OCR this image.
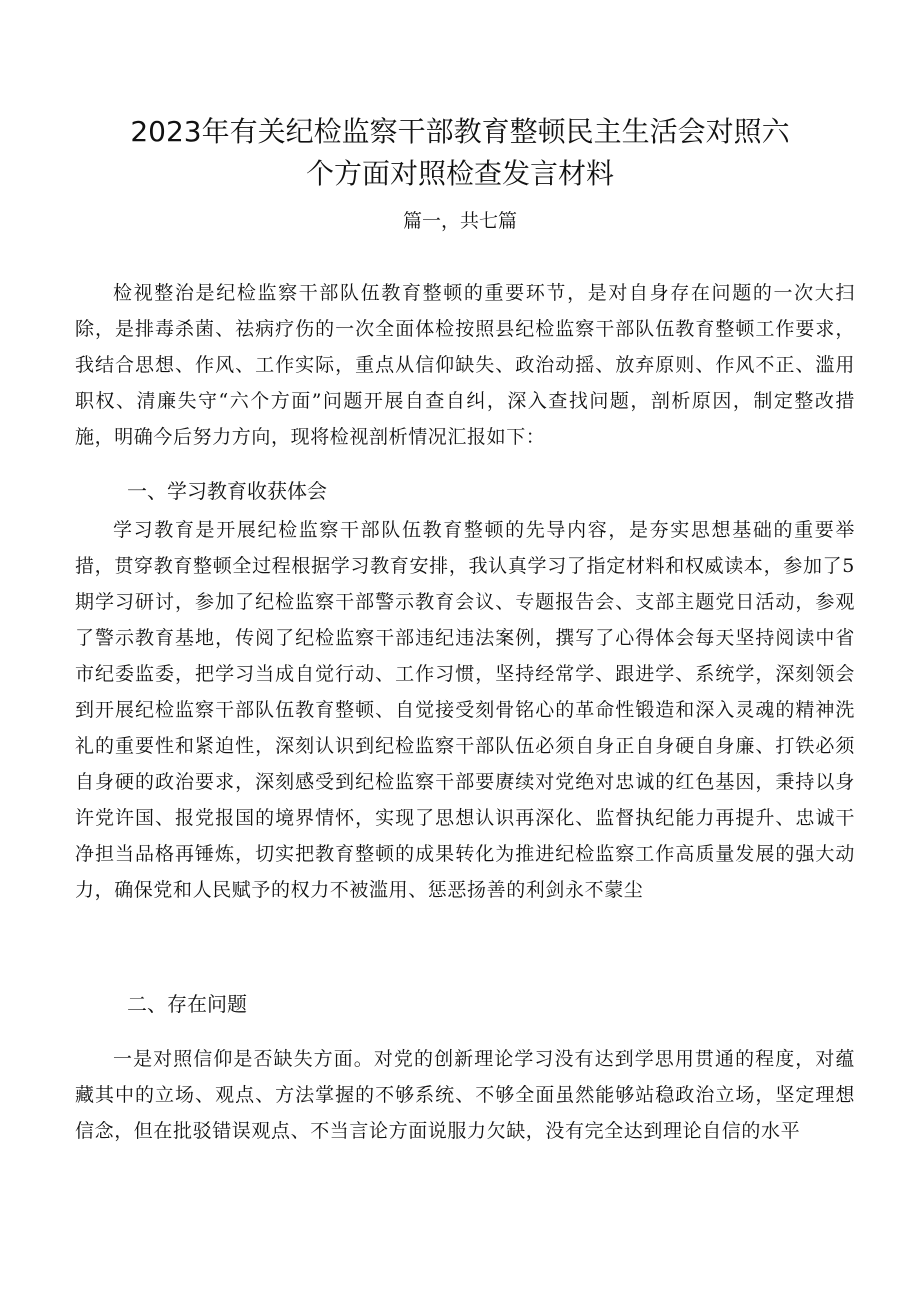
2023年有关纪检监察干部教育整顿民主生活会对照六
个方面对照检查发言材料

篇一，共七篇

检视整治是纪检监察干部队伍教育整顿的重要环节，是对自身存在问题的一次大扫除，是排毒杀菌、祛病疗伤的一次全面体检按照县纪检监察干部队伍教育整顿工作要求，我结合思想、作风、工作实际，重点从信仰缺失、政治动摇、放弃原则、作风不正、滥用职权、清廉失守“六个方面”问题开展自查自纠，深入查找问题，剖析原因，制定整改措施，明确今后努力方向，现将检视剖析情况汇报如下：

一、学习教育收获体会

学习教育是开展纪检监察干部队伍教育整顿的先导内容，是夯实思想基础的重要举措，贯穿教育整顿全过程根据学习教育安排，我认真学习了指定材料和权威读本，参加了5期学习研讨，参加了纪检监察干部警示教育会议、专题报告会、支部主题党日活动，参观了警示教育基地，传阅了纪检监察干部违纪违法案例，撰写了心得体会每天坚持阅读中省市纪委监委，把学习当成自觉行动、工作习惯，坚持经常学、跟进学、系统学，深刻领会到开展纪检监察干部队伍教育整顿、自觉接受刻骨铭心的革命性锻造和深入灵魂的精神洗礼的重要性和紧迫性，深刻认识到纪检监察干部队伍必须自身正自身硬自身廉、打铁必须自身硬的政治要求，深刻感受到纪检监察干部要赓续对党绝对忠诚的红色基因，秉持以身许党许国、报党报国的境界情怀，实现了思想认识再深化、监督执纪能力再提升、忠诚干净担当品格再锤炼，切实把教育整顿的成果转化为推进纪检监察工作高质量发展的强大动力，确保党和人民赋予的权力不被滥用、惩恶扬善的利剑永不蒙尘

二、存在问题

一是对照信仰是否缺失方面。对党的创新理论学习没有达到学思用贯通的程度，对蕴藏其中的立场、观点、方法掌握的不够系统、不够全面虽然能够站稳政治立场，坚定理想信念，但在批驳错误观点、不当言论方面说服力欠缺，没有完全达到理论自信的水平
